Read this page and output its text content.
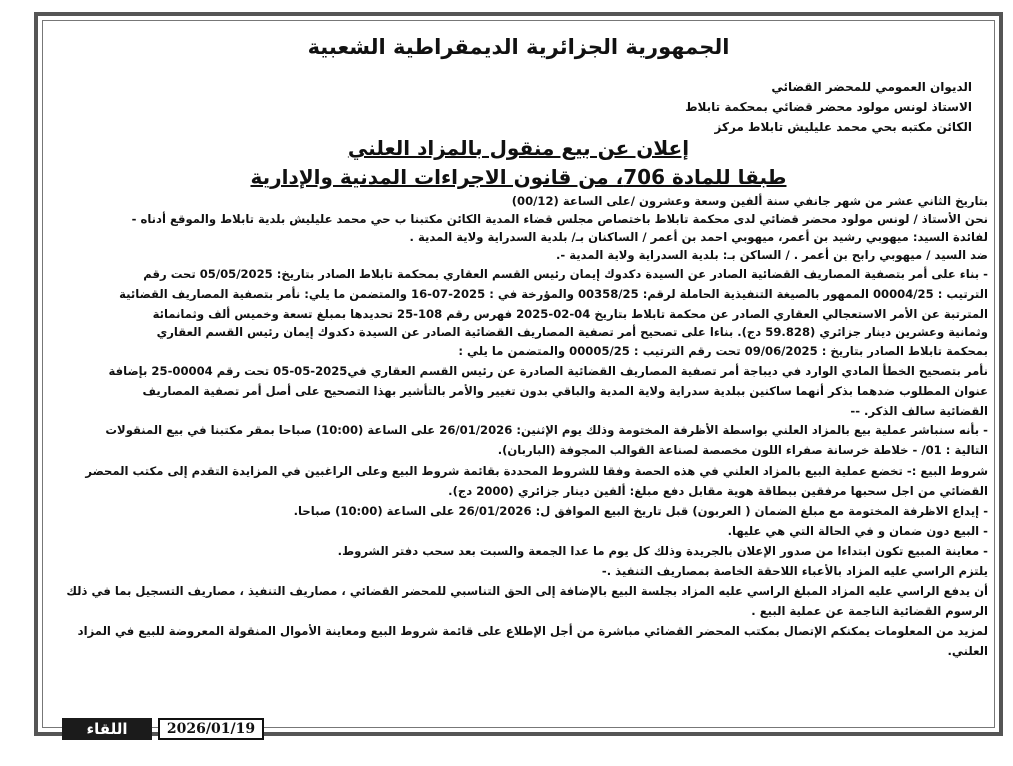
الجمهورية الجزائرية الديمقراطية الشعبية
الديوان العمومي للمحضر القضائي
الاستاذ لونس مولود محضر قضائي بمحكمة تابلاط
الكائن مكتبه بحي محمد عليليش تابلاط مركز
إعلان عن بيع منقول بالمزاد العلني
طبقا للمادة 706، من قانون الاجراءات المدنية والإدارية
بتاريخ الثاني عشر من شهر جانفي سنة ألفين وسعة وعشرون /على الساعة (00/12)
نحن الأستاذ / لونس مولود محضر قضائي لدى محكمة تابلاط باختصاص مجلس قضاء المدية الكائن مكتبنا ب حي محمد عليليش بلدية تابلاط والموقع أدناه -
لفائدة السيد: ميهوبي رشيد بن أعمر، ميهوبي احمد بن أعمر / الساكنان بـ/ بلدية السدراية ولاية المدية .
ضد السيد / ميهوبي رابح بن أعمر . / الساكن بـ: بلدية السدراية ولاية المدية -.
- بناء على أمر بتصفية المصاريف القضائية الصادر عن السيدة دكدوك إيمان رئيس القسم العقاري بمحكمة تابلاط الصادر بتاريخ: 05/05/2025 تحت رقم
الترتيب : 00004/25 الممهور بالصيغة التنفيذية الحاملة لرقم: 00358/25 والمؤرخة في : 2025-07-16 والمتضمن ما يلي: نأمر بتصفية المصاريف القضائية
المترتبة عن الأمر الاستعجالي العقاري الصادر عن محكمة تابلاط بتاريخ 04-02-2025 فهرس رقم 108-25 تحديدها بمبلغ تسعة وخميس ألف وثمانمائة
وثمانية وعشرين دينار جزائري (59.828 دج). بناءا على تصحيح أمر تصفية المصاريف القضائية الصادر عن السيدة دكدوك إيمان رئيس القسم العقاري
بمحكمة تابلاط الصادر بتاريخ : 09/06/2025 تحت رقم الترتيب : 00005/25 والمتضمن ما يلي :
نأمر بتصحيح الخطأ المادي الوارد في ديباجة أمر تصفية المصاريف القضائية الصادرة عن رئيس القسم العقاري في2025-05-05 تحت رقم 00004-25 بإضافة
عنوان المطلوب ضدهما بذكر أنهما ساكنين ببلدية سدراية ولاية المدية والباقي بدون تغيير والأمر بالتأشير بهذا التصحيح على أصل أمر تصفية المصاريف
القضائية سالف الذكر. --
- بأنه سنباشر عملية بيع بالمزاد العلني بواسطة الأظرفة المختومة وذلك يوم الإثنين: 26/01/2026 على الساعة (10:00) صباحا بمقر مكتبنا في بيع المنقولات
التالية : 01/ - خلاطة خرسانة صفراء اللون مخصصة لصناعة القوالب المجوفة (الباربان).
شروط البيع :- تخضع عملية البيع بالمزاد العلني في هذه الحصة وفقا للشروط المحددة بقائمة شروط البيع وعلى الراغبين في المزايدة التقدم إلى مكتب المحضر
القضائي من اجل سحبها مرفقين ببطاقة هوية مقابل دفع مبلغ: ألفين دينار جزائري (2000 دج).
- إيداع الاظرفة المختومة مع مبلغ الضمان ( العربون) قبل تاريخ البيع الموافق ل: 26/01/2026 على الساعة (10:00) صباحا.
- البيع دون ضمان و في الحالة التي هي عليها.
- معاينة المبيع تكون ابتداءا من صدور الإعلان بالجريدة وذلك كل يوم ما عدا الجمعة والسبت بعد سحب دفتر الشروط.
يلتزم الراسي عليه المزاد بالأعباء اللاحقة الخاصة بمصاريف التنفيذ .-
أن يدفع الراسي عليه المزاد المبلغ الراسي عليه المزاد بجلسة البيع بالإضافة إلى الحق التناسبي للمحضر القضائي ، مصاريف التنفيذ ، مصاريف التسجيل بما في ذلك
الرسوم القضائية الناجمة عن عملية البيع .
لمزيد من المعلومات يمكنكم الإتصال بمكتب المحضر القضائي مباشرة من أجل الإطلاع على قائمة شروط البيع ومعاينة الأموال المنقولة المعروضة للبيع في المزاد
العلني.
اللقاء	2026/01/19
